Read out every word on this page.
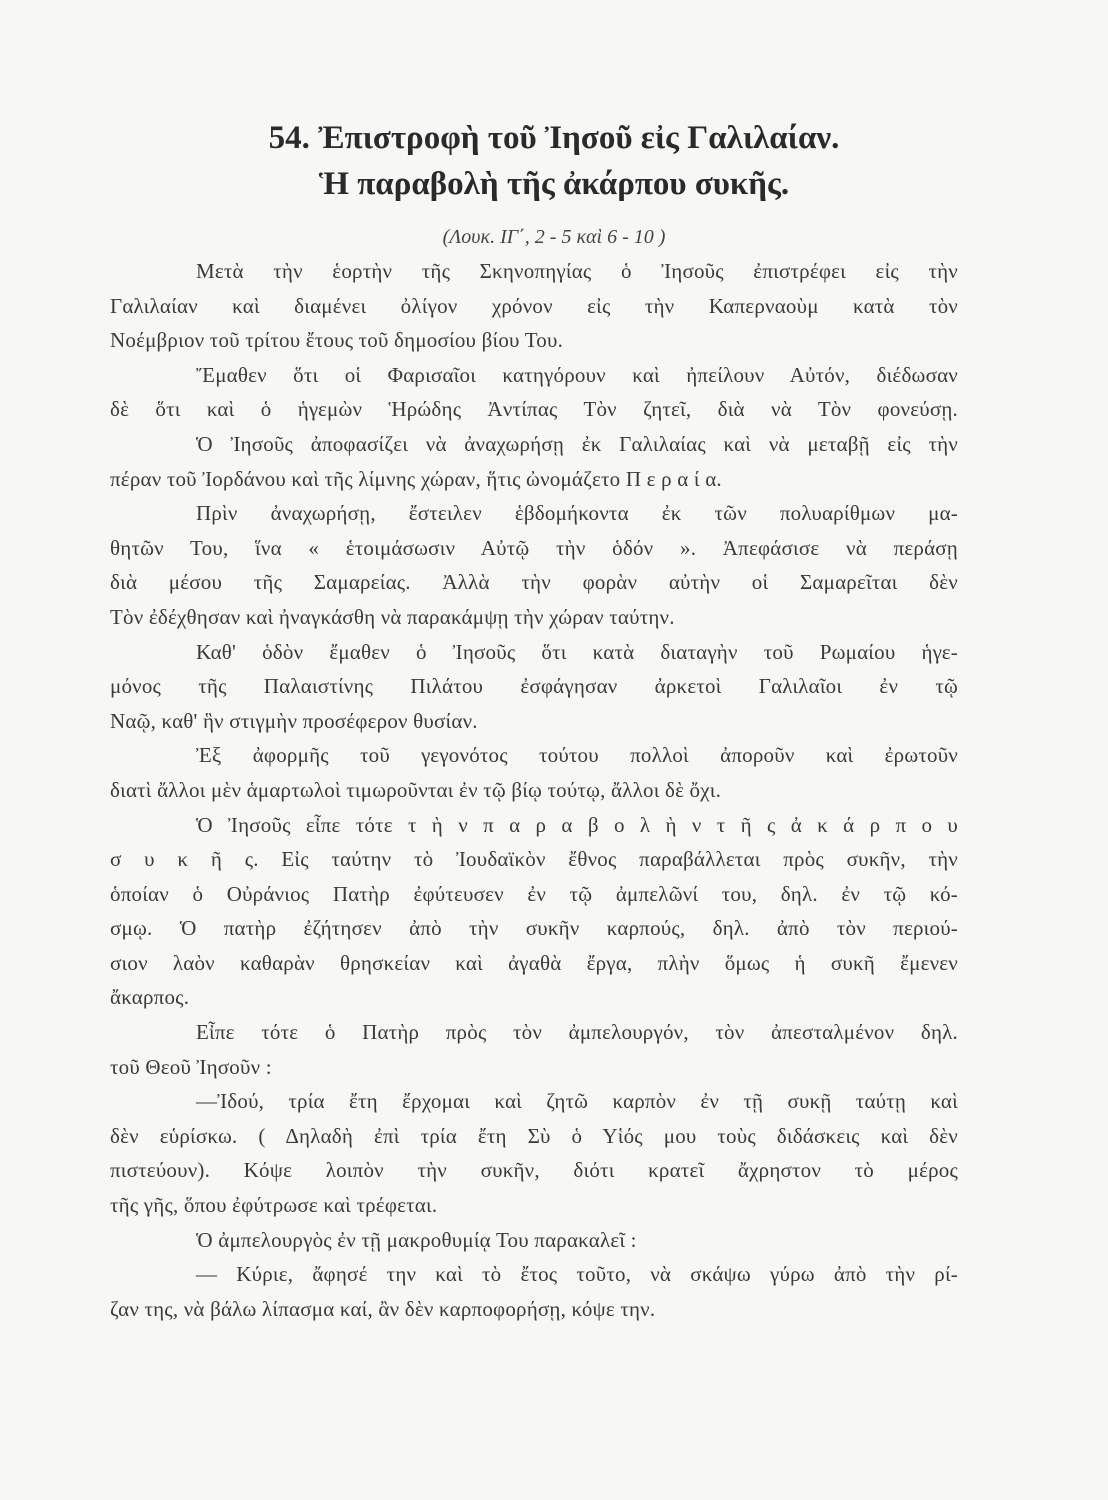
54. Ἐπιστροφὴ τοῦ Ἰησοῦ εἰς Γαλιλαίαν.
Ἡ παραβολὴ τῆς ἀκάρπου συκῆς.
(Λουκ. ΙΓ΄, 2 - 5 καὶ 6 - 10 )
Μετὰ τὴν ἑορτὴν τῆς Σκηνοπηγίας ὁ Ἰησοῦς ἐπιστρέφει εἰς τὴν
Γαλιλαίαν καὶ διαμένει ὀλίγον χρόνον εἰς τὴν Καπερναοὺμ κατὰ τὸν
Νοέμβριον τοῦ τρίτου ἔτους τοῦ δημοσίου βίου Του.
Ἔμαθεν ὅτι οἱ Φαρισαῖοι κατηγόρουν καὶ ἠπείλουν Αὐτόν, διέδωσαν
δὲ ὅτι καὶ ὁ ἡγεμὼν Ἡρώδης Ἀντίπας Τὸν ζητεῖ, διὰ νὰ Τὸν φονεύσῃ.
Ὁ Ἰησοῦς ἀποφασίζει νὰ ἀναχωρήσῃ ἐκ Γαλιλαίας καὶ νὰ μεταβῇ εἰς τὴν
πέραν τοῦ Ἰορδάνου καὶ τῆς λίμνης χώραν, ἥτις ὠνομάζετο Π ε ρ α ί α.
Πρὶν ἀναχωρήσῃ, ἔστειλεν ἑβδομήκοντα ἐκ τῶν πολυαρίθμων μα-
θητῶν Του, ἵνα « ἑτοιμάσωσιν Αὐτῷ τὴν ὁδόν ». Ἀπεφάσισε νὰ περάσῃ
διὰ μέσου τῆς Σαμαρείας. Ἀλλὰ τὴν φορὰν αὐτὴν οἱ Σαμαρεῖται δὲν
Τὸν ἐδέχθησαν καὶ ἠναγκάσθη νὰ παρακάμψῃ τὴν χώραν ταύτην.
Καθ' ὁδὸν ἔμαθεν ὁ Ἰησοῦς ὅτι κατὰ διαταγὴν τοῦ Ρωμαίου ἡγε-
μόνος τῆς Παλαιστίνης Πιλάτου ἐσφάγησαν ἀρκετοὶ Γαλιλαῖοι ἐν τῷ
Ναῷ, καθ' ἣν στιγμὴν προσέφερον θυσίαν.
Ἐξ ἀφορμῆς τοῦ γεγονότος τούτου πολλοὶ ἀποροῦν καὶ ἐρωτοῦν
διατὶ ἄλλοι μὲν ἁμαρτωλοὶ τιμωροῦνται ἐν τῷ βίῳ τούτῳ, ἄλλοι δὲ ὄχι.
Ὁ Ἰησοῦς εἶπε τότε τ ὴ ν π α ρ α β ο λ ὴ ν τ ῆ ς ἀ κ ά ρ π ο υ
σ υ κ ῆ ς. Εἰς ταύτην τὸ Ἰουδαϊκὸν ἔθνος παραβάλλεται πρὸς συκῆν, τὴν
ὁποίαν ὁ Οὐράνιος Πατὴρ ἐφύτευσεν ἐν τῷ ἀμπελῶνί του, δηλ. ἐν τῷ κό-
σμῳ. Ὁ πατὴρ ἐζήτησεν ἀπὸ τὴν συκῆν καρπούς, δηλ. ἀπὸ τὸν περιού-
σιον λαὸν καθαρὰν θρησκείαν καὶ ἀγαθὰ ἔργα, πλὴν ὅμως ἡ συκῆ ἔμενεν
ἄκαρπος.
Εἶπε τότε ὁ Πατὴρ πρὸς τὸν ἀμπελουργόν, τὸν ἀπεσταλμένον δηλ.
τοῦ Θεοῦ Ἰησοῦν :
—Ἰδού, τρία ἔτη ἔρχομαι καὶ ζητῶ καρπὸν ἐν τῇ συκῇ ταύτῃ καὶ
δὲν εὑρίσκω. ( Δηλαδὴ ἐπὶ τρία ἔτη Σὺ ὁ Υἱός μου τοὺς διδάσκεις καὶ δὲν
πιστεύουν). Κόψε λοιπὸν τὴν συκῆν, διότι κρατεῖ ἄχρηστον τὸ μέρος
τῆς γῆς, ὅπου ἐφύτρωσε καὶ τρέφεται.
Ὁ ἀμπελουργὸς ἐν τῇ μακροθυμίᾳ Του παρακαλεῖ :
— Κύριε, ἄφησέ την καὶ τὸ ἔτος τοῦτο, νὰ σκάψω γύρω ἀπὸ τὴν ρί-
ζαν της, νὰ βάλω λίπασμα καί, ἂν δὲν καρποφορήσῃ, κόψε την.
